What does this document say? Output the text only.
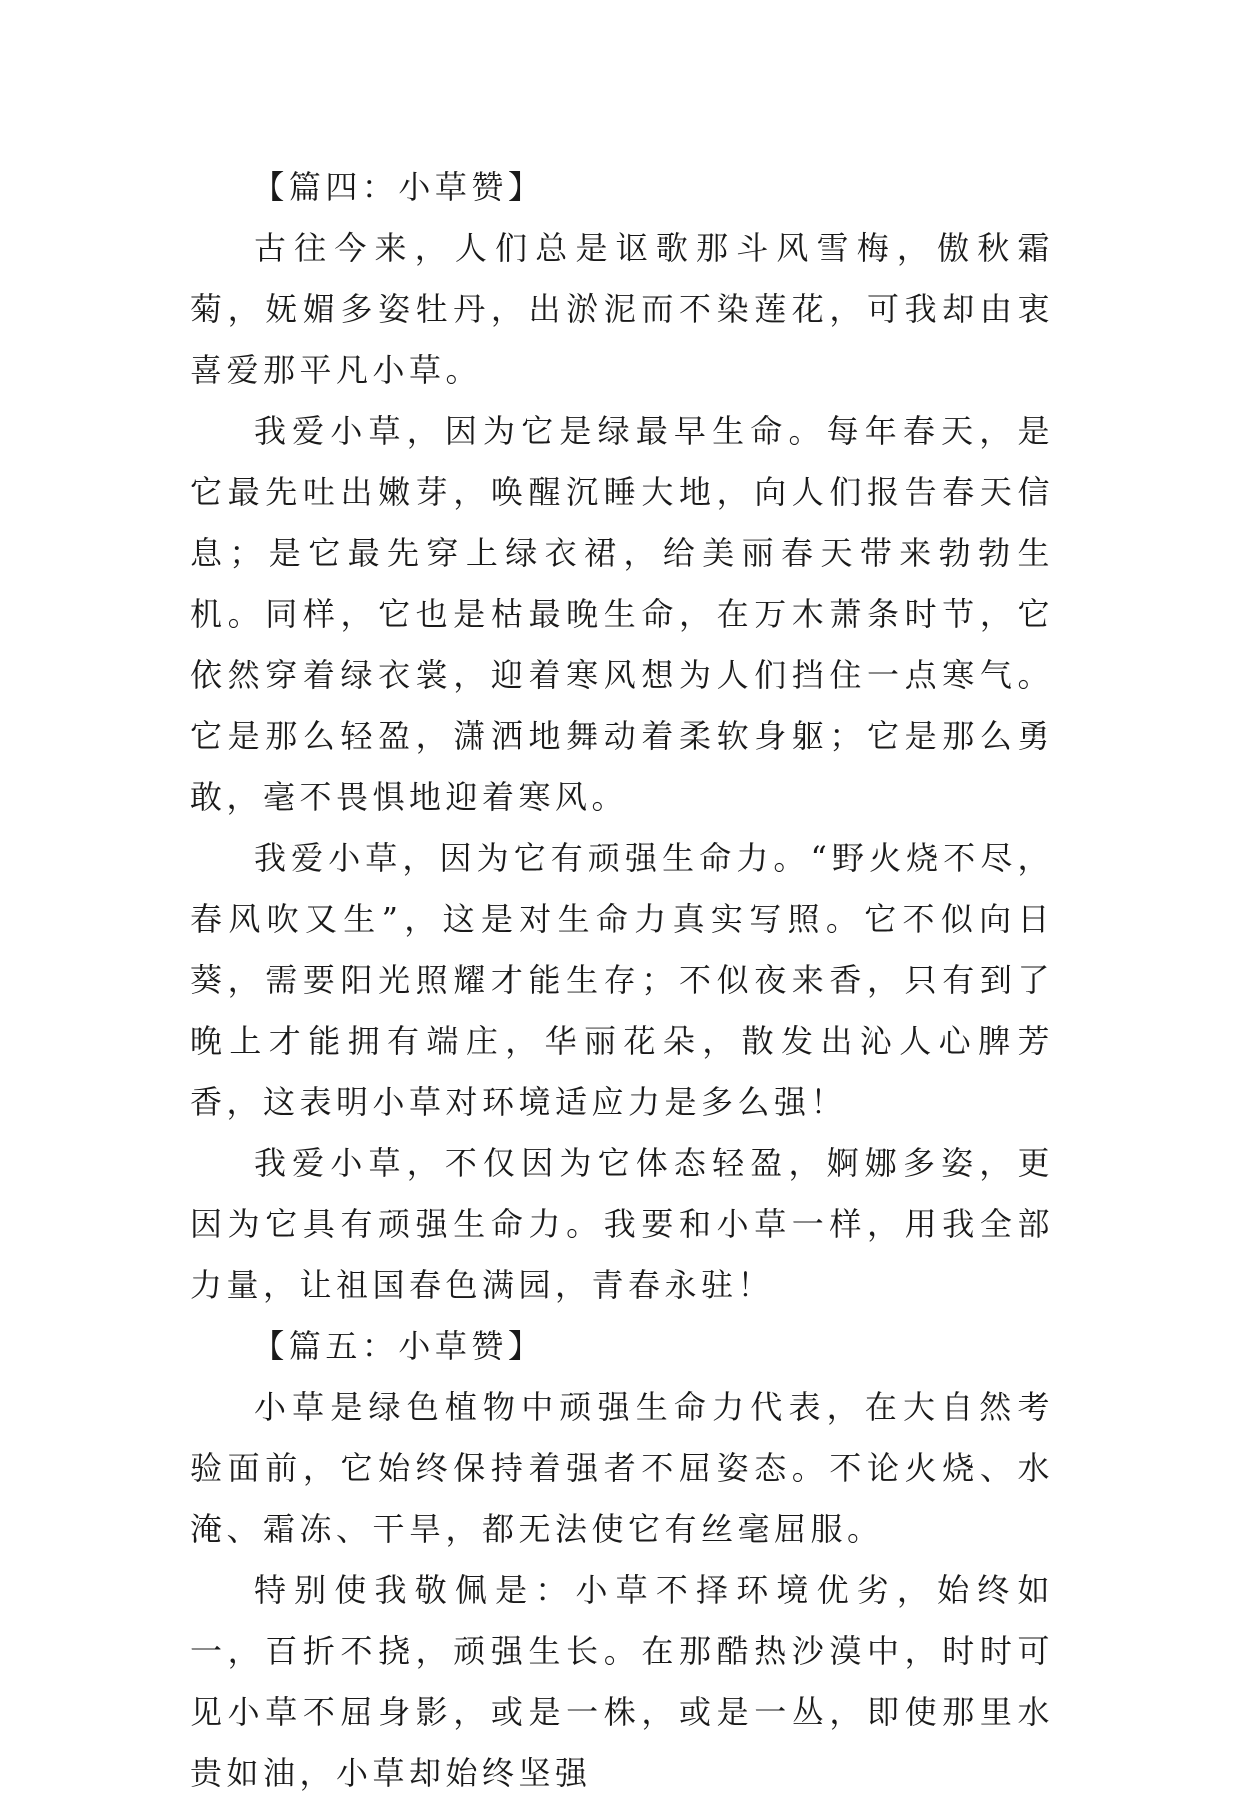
【篇四：小草赞】

古往今来，人们总是讴歌那斗风雪梅，傲秋霜菊，妩媚多姿牡丹，出淤泥而不染莲花，可我却由衷喜爱那平凡小草。

我爱小草，因为它是绿最早生命。每年春天，是它最先吐出嫩芽，唤醒沉睡大地，向人们报告春天信息；是它最先穿上绿衣裙，给美丽春天带来勃勃生机。同样，它也是枯最晚生命，在万木萧条时节，它依然穿着绿衣裳，迎着寒风想为人们挡住一点寒气。它是那么轻盈，潇洒地舞动着柔软身躯；它是那么勇敢，毫不畏惧地迎着寒风。

我爱小草，因为它有顽强生命力。“野火烧不尽，春风吹又生”，这是对生命力真实写照。它不似向日葵，需要阳光照耀才能生存；不似夜来香，只有到了晚上才能拥有端庄，华丽花朵，散发出沁人心脾芳香，这表明小草对环境适应力是多么强！

我爱小草，不仅因为它体态轻盈，婀娜多姿，更因为它具有顽强生命力。我要和小草一样，用我全部力量，让祖国春色满园，青春永驻！

【篇五：小草赞】

小草是绿色植物中顽强生命力代表，在大自然考验面前，它始终保持着强者不屈姿态。不论火烧、水淹、霜冻、干旱，都无法使它有丝毫屈服。

特别使我敬佩是：小草不择环境优劣，始终如一，百折不挠，顽强生长。在那酷热沙漠中，时时可见小草不屈身影，或是一株，或是一丛，即使那里水贵如油，小草却始终坚强
